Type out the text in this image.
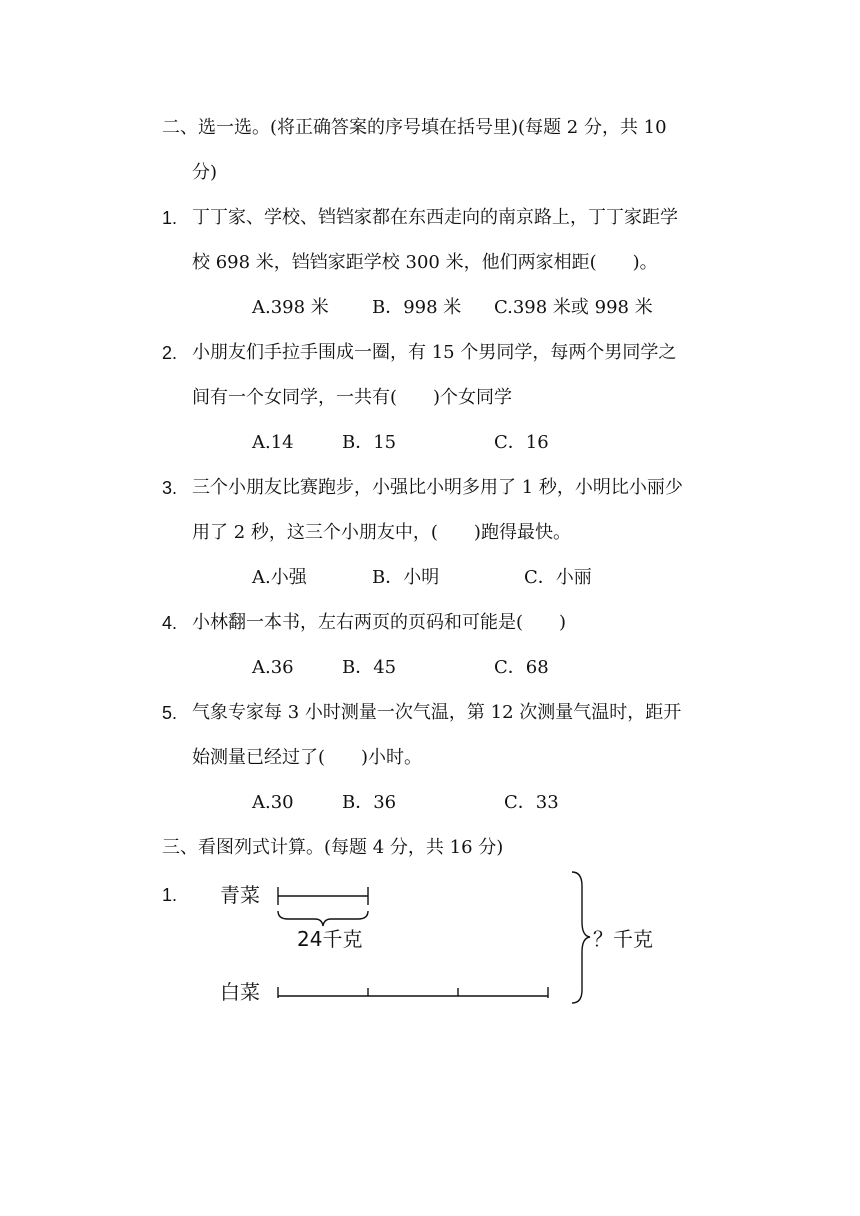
二、选一选。(将正确答案的序号填在括号里)(每题 2 分，共 10
分)
1. 丁丁家、学校、铛铛家都在东西走向的南京路上，丁丁家距学
校 698 米，铛铛家距学校 300 米，他们两家相距(　　)。
A.398 米 B．998 米 C.398 米或 998 米
2. 小朋友们手拉手围成一圈，有 15 个男同学，每两个男同学之
间有一个女同学，一共有(　　)个女同学
A.14	B．15	C．16
3. 三个小朋友比赛跑步，小强比小明多用了 1 秒，小明比小丽少
用了 2 秒，这三个小朋友中，(　　)跑得最快。
A.小强	B．小明	C．小丽
4. 小林翻一本书，左右两页的页码和可能是(　　)
A.36	B．45	C．68
5. 气象专家每 3 小时测量一次气温，第 12 次测量气温时，距开
始测量已经过了(　　)小时。
A.30	B．36	C．33
三、看图列式计算。(每题 4 分，共 16 分)
1. 青菜
白菜
24千克	？千克
